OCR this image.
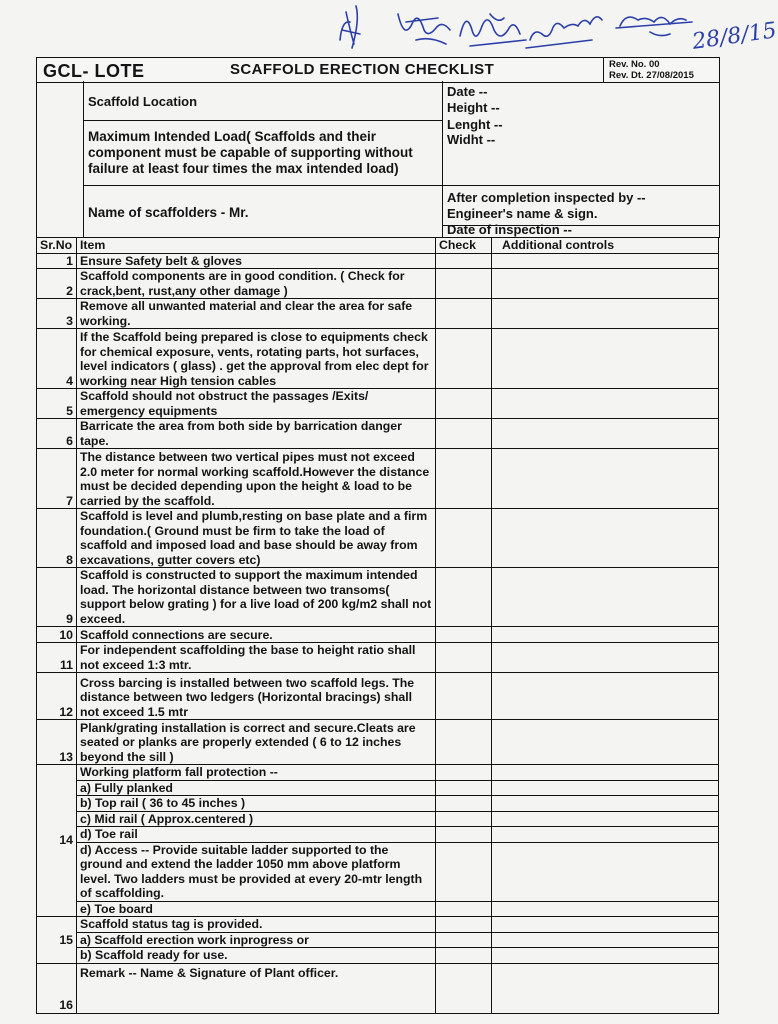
28/8/15
GCL- LOTE	SCAFFOLD ERECTION CHECKLIST	Rev. No. 00
Rev. Dt. 27/08/2015
Scaffold Location
Maximum Intended Load( Scaffolds and their component must be capable of supporting without failure at least four times the max intended load)
Name of scaffolders - Mr.
Date --
Height --
Lenght --
Widht --
After completion inspected by --
Engineer's name & sign.
Date of inspection --
Sr.No	Item	Check	Additional controls
1	Ensure Safety belt & gloves		
2	Scaffold components are in good condition. ( Check for crack,bent, rust,any other damage )		
3	Remove all unwanted material and clear the area for safe working.		
4	If the Scaffold being prepared is close to equipments check for chemical exposure, vents, rotating parts, hot surfaces, level indicators ( glass) . get the approval from elec dept for working near High tension cables		
5	Scaffold should not obstruct the passages /Exits/ emergency equipments		
6	Barricate the area from both side by barrication danger tape.		
7	The distance between two vertical pipes must not exceed 2.0 meter for normal working scaffold.However the distance must be decided depending upon the height & load to be carried by the scaffold.		
8	Scaffold is level and plumb,resting on base plate and a firm foundation.( Ground must be firm to take the load of scaffold and imposed load and base should be away from excavations, gutter covers etc)		
9	Scaffold is constructed to support the maximum intended load. The horizontal distance between two transoms( support below grating ) for a live load of 200 kg/m2 shall not exceed.		
10	Scaffold connections are secure.		
11	For independent scaffolding the base to height ratio shall not exceed 1:3 mtr.		
12	Cross barcing is installed between two scaffold legs. The distance between two ledgers (Horizontal bracings) shall not exceed 1.5 mtr		
13	Plank/grating installation is correct and secure.Cleats are seated or planks are properly extended ( 6 to 12 inches beyond the sill )		
14	Working platform fall protection --		
	a) Fully planked		
	b) Top rail ( 36 to 45 inches )		
	c) Mid rail ( Approx.centered )		
	d) Toe rail		
	d) Access -- Provide suitable ladder supported to the ground and extend the ladder 1050 mm above platform level. Two ladders must be provided at every 20-mtr length of scaffolding.		
	e) Toe board		
15	Scaffold status tag is provided.		
	a) Scaffold erection work inprogress or		
	b) Scaffold ready for use.		
16	Remark -- Name & Signature of Plant officer.		
